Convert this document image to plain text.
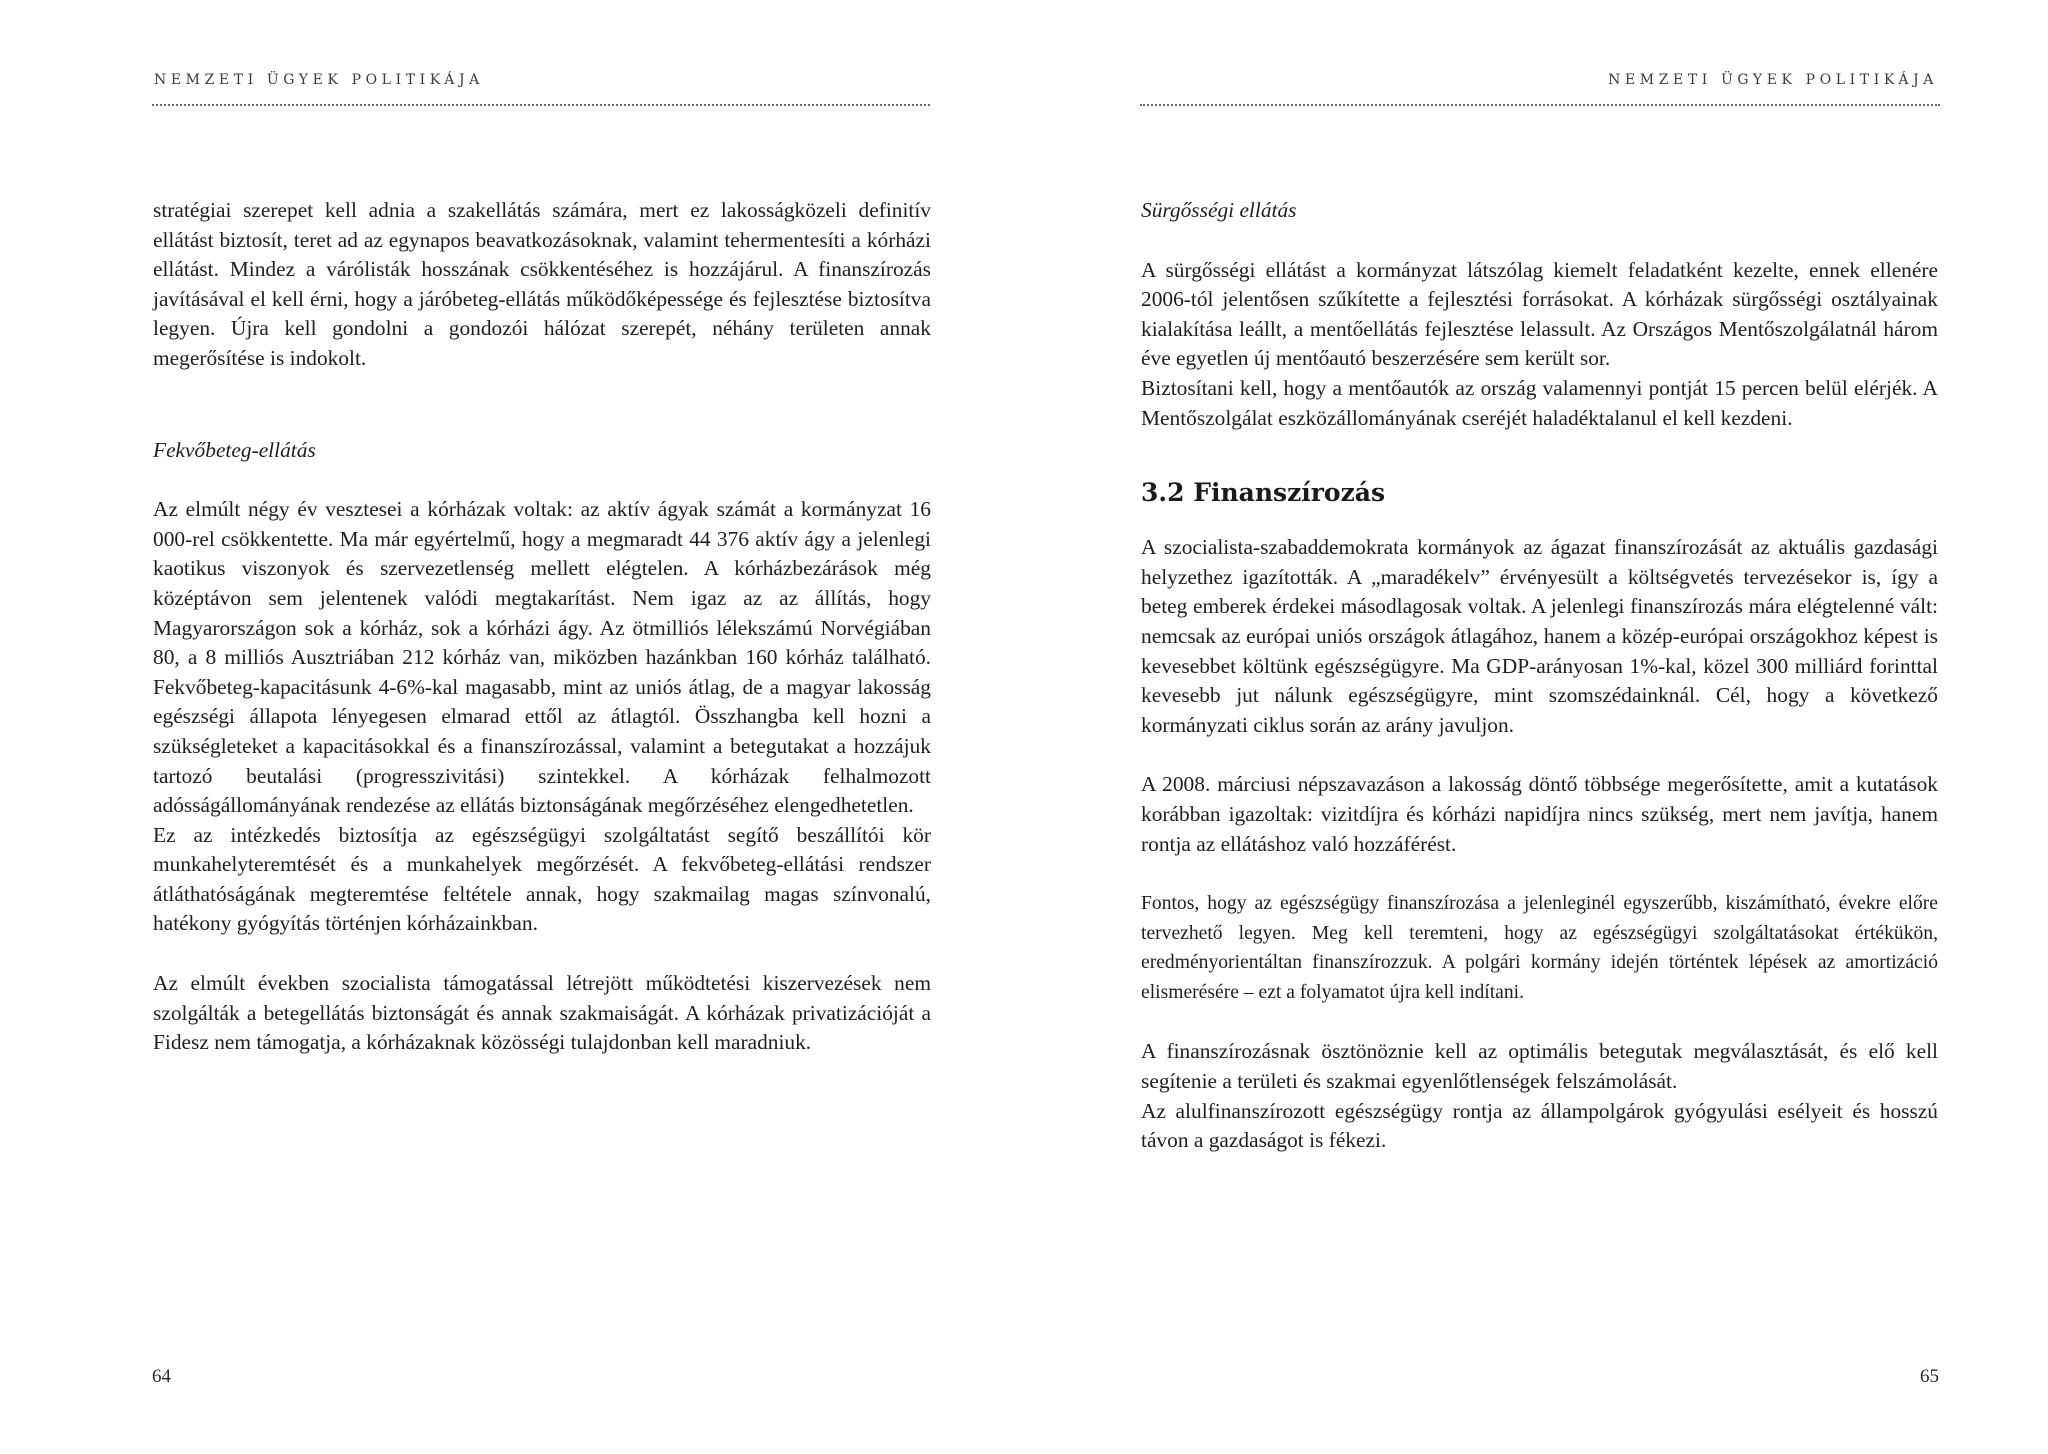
NEMZETI ÜGYEK POLITIKÁJA

stratégiai szerepet kell adnia a szakellátás számára, mert ez lakosságközeli definitív ellátást biztosít, teret ad az egynapos beavatkozásoknak, valamint tehermentesíti a kórházi ellátást. Mindez a várólisták hosszának csökkentéséhez is hozzájárul. A finanszírozás javításával el kell érni, hogy a járóbeteg-ellátás működőképessége és fejlesztése biztosítva legyen. Újra kell gondolni a gondozói hálózat szerepét, néhány területen annak megerősítése is indokolt.

Fekvőbeteg-ellátás

Az elmúlt négy év vesztesei a kórházak voltak: az aktív ágyak számát a kormányzat 16 000-rel csökkentette. Ma már egyértelmű, hogy a megmaradt 44 376 aktív ágy a jelenlegi kaotikus viszonyok és szervezetlenség mellett elégtelen. A kórházbezárások még középtávon sem jelentenek valódi megtakarítást. Nem igaz az az állítás, hogy Magyarországon sok a kórház, sok a kórházi ágy. Az ötmilliós lélekszámú Norvégiában 80, a 8 milliós Ausztriában 212 kórház van, miközben hazánkban 160 kórház található. Fekvőbeteg-kapacitásunk 4-6%-kal magasabb, mint az uniós átlag, de a magyar lakosság egészségi állapota lényegesen elmarad ettől az átlagtól. Összhangba kell hozni a szükségleteket a kapacitásokkal és a finanszírozással, valamint a betegutakat a hozzájuk tartozó beutalási (progresszivitási) szintekkel. A kórházak felhalmozott adósságállományának rendezése az ellátás biztonságának megőrzéséhez elengedhetetlen.

Ez az intézkedés biztosítja az egészségügyi szolgáltatást segítő beszállítói kör munkahelyteremtését és a munkahelyek megőrzését. A fekvőbeteg-ellátási rendszer átláthatóságának megteremtése feltétele annak, hogy szakmailag magas színvonalú, hatékony gyógyítás történjen kórházainkban.

Az elmúlt években szocialista támogatással létrejött működtetési kiszervezések nem szolgálták a betegellátás biztonságát és annak szakmaiságát. A kórházak privatizációját a Fidesz nem támogatja, a kórházaknak közösségi tulajdonban kell maradniuk.

64
NEMZETI ÜGYEK POLITIKÁJA

Sürgősségi ellátás

A sürgősségi ellátást a kormányzat látszólag kiemelt feladatként kezelte, ennek ellenére 2006-tól jelentősen szűkítette a fejlesztési forrásokat. A kórházak sürgősségi osztályainak kialakítása leállt, a mentőellátás fejlesztése lelassult. Az Országos Mentőszolgálatnál három éve egyetlen új mentőautó beszerzésére sem került sor.

Biztosítani kell, hogy a mentőautók az ország valamennyi pontját 15 percen belül elérjék. A Mentőszolgálat eszközállományának cseréjét haladéktalanul el kell kezdeni.

3.2 Finanszírozás

A szocialista-szabaddemokrata kormányok az ágazat finanszírozását az aktuális gazdasági helyzethez igazították. A „maradékelv” érvényesült a költségvetés tervezésekor is, így a beteg emberek érdekei másodlagosak voltak. A jelenlegi finanszírozás mára elégtelenné vált: nemcsak az európai uniós országok átlagához, hanem a közép-európai országokhoz képest is kevesebbet költünk egészségügyre. Ma GDP-arányosan 1%-kal, közel 300 milliárd forinttal kevesebb jut nálunk egészségügyre, mint szomszédainknál. Cél, hogy a következő kormányzati ciklus során az arány javuljon.

A 2008. márciusi népszavazáson a lakosság döntő többsége megerősítette, amit a kutatások korábban igazoltak: vizitdíjra és kórházi napidíjra nincs szükség, mert nem javítja, hanem rontja az ellátáshoz való hozzáférést.

Fontos, hogy az egészségügy finanszírozása a jelenleginél egyszerűbb, kiszámítható, évekre előre tervezhető legyen. Meg kell teremteni, hogy az egészségügyi szolgáltatásokat értékükön, eredményorientáltan finanszírozzuk. A polgári kormány idején történtek lépések az amortizáció elismerésére – ezt a folyamatot újra kell indítani.

A finanszírozásnak ösztönöznie kell az optimális betegutak megválasztását, és elő kell segítenie a területi és szakmai egyenlőtlenségek felszámolását.

Az alulfinanszírozott egészségügy rontja az állampolgárok gyógyulási esélyeit és hosszú távon a gazdaságot is fékezi.

65
